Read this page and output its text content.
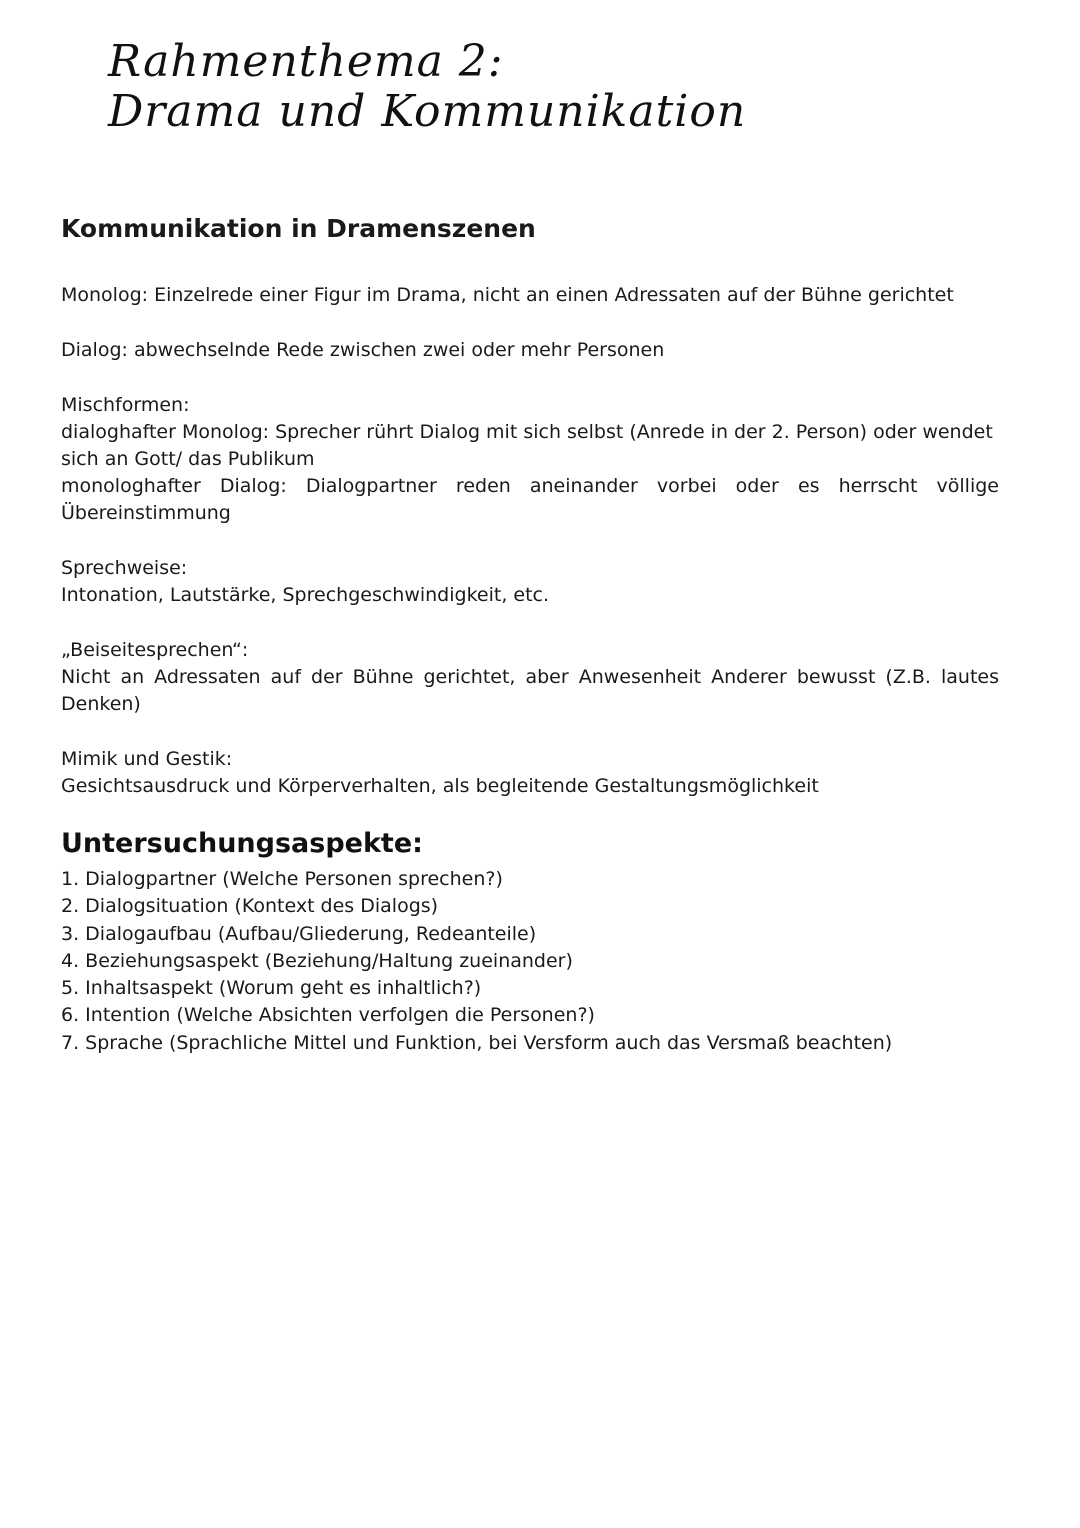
Rahmenthema 2:
Drama und Kommunikation
Kommunikation in Dramenszenen

Monolog: Einzelrede einer Figur im Drama, nicht an einen Adressaten auf der Bühne gerichtet

Dialog: abwechselnde Rede zwischen zwei oder mehr Personen

Mischformen:

dialoghafter Monolog: Sprecher rührt Dialog mit sich selbst (Anrede in der 2. Person) oder wendet sich an Gott/ das Publikum

monologhafter Dialog: Dialogpartner reden aneinander vorbei oder es herrscht völlige Übereinstimmung

Sprechweise:

Intonation, Lautstärke, Sprechgeschwindigkeit, etc.

„Beiseitesprechen“:

Nicht an Adressaten auf der Bühne gerichtet, aber Anwesenheit Anderer bewusst (Z.B. lautes Denken)

Mimik und Gestik:

Gesichtsausdruck und Körperverhalten, als begleitende Gestaltungsmöglichkeit

Untersuchungsaspekte:
1. Dialogpartner (Welche Personen sprechen?)
2. Dialogsituation (Kontext des Dialogs)
3. Dialogaufbau (Aufbau/Gliederung, Redeanteile)
4. Beziehungsaspekt (Beziehung/Haltung zueinander)
5. Inhaltsaspekt (Worum geht es inhaltlich?)
6. Intention (Welche Absichten verfolgen die Personen?)
7. Sprache (Sprachliche Mittel und Funktion, bei Versform auch das Versmaß beachten)
